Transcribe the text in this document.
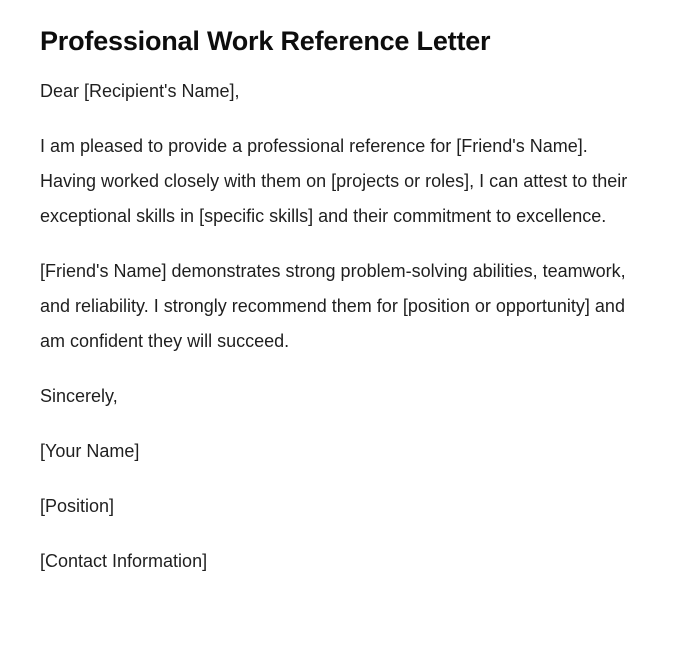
Professional Work Reference Letter

Dear [Recipient's Name],

I am pleased to provide a professional reference for [Friend's Name]. Having worked closely with them on [projects or roles], I can attest to their exceptional skills in [specific skills] and their commitment to excellence.

[Friend's Name] demonstrates strong problem-solving abilities, teamwork, and reliability. I strongly recommend them for [position or opportunity] and am confident they will succeed.

Sincerely,

[Your Name]

[Position]

[Contact Information]
